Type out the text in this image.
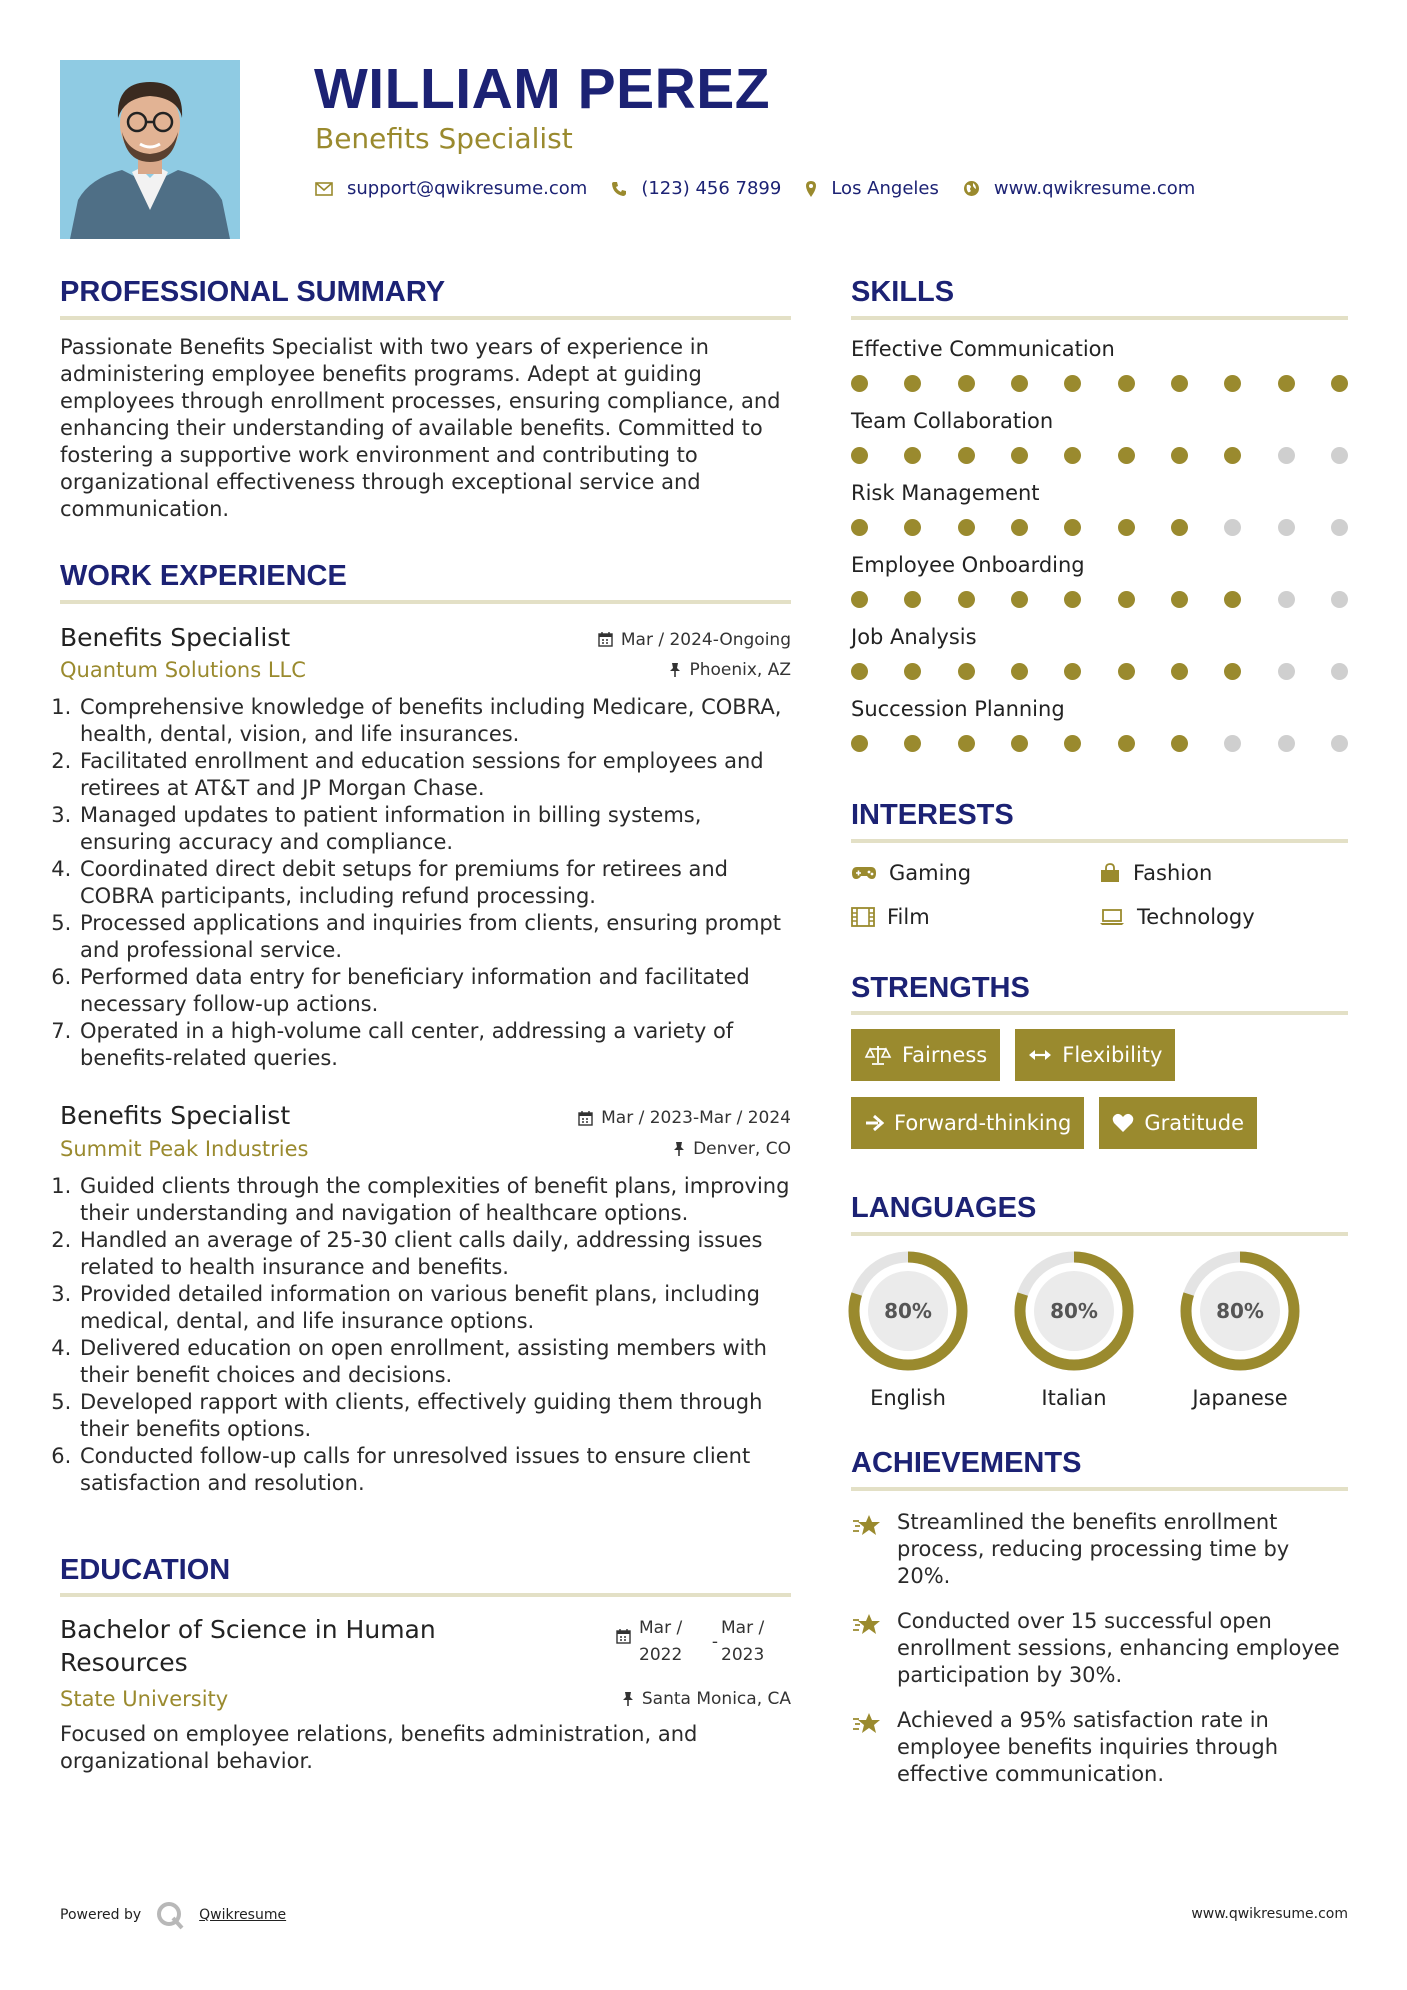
WILLIAM PEREZ
Benefits Specialist
support@qwikresume.com	(123) 456 7899	Los Angeles	www.qwikresume.com
PROFESSIONAL SUMMARY

Passionate Benefits Specialist with two years of experience in administering employee benefits programs. Adept at guiding employees through enrollment processes, ensuring compliance, and enhancing their understanding of available benefits. Committed to fostering a supportive work environment and contributing to organizational effectiveness through exceptional service and communication.

WORK EXPERIENCE
Benefits Specialist	Mar / 2024-Ongoing
Quantum Solutions LLC	Phoenix, AZ
1. Comprehensive knowledge of benefits including Medicare, COBRA, health, dental, vision, and life insurances.
2. Facilitated enrollment and education sessions for employees and retirees at AT&T and JP Morgan Chase.
3. Managed updates to patient information in billing systems, ensuring accuracy and compliance.
4. Coordinated direct debit setups for premiums for retirees and COBRA participants, including refund processing.
5. Processed applications and inquiries from clients, ensuring prompt and professional service.
6. Performed data entry for beneficiary information and facilitated necessary follow-up actions.
7. Operated in a high-volume call center, addressing a variety of benefits-related queries.
Benefits Specialist	Mar / 2023-Mar / 2024
Summit Peak Industries	Denver, CO
1. Guided clients through the complexities of benefit plans, improving their understanding and navigation of healthcare options.
2. Handled an average of 25-30 client calls daily, addressing issues related to health insurance and benefits.
3. Provided detailed information on various benefit plans, including medical, dental, and life insurance options.
4. Delivered education on open enrollment, assisting members with their benefit choices and decisions.
5. Developed rapport with clients, effectively guiding them through their benefits options.
6. Conducted follow-up calls for unresolved issues to ensure client satisfaction and resolution.
EDUCATION
Bachelor of Science in Human Resources
Mar / 2022
-
Mar / 2023
State University	Santa Monica, CA

Focused on employee relations, benefits administration, and organizational behavior.

SKILLS
Effective Communication
Team Collaboration
Risk Management
Employee Onboarding
Job Analysis
Succession Planning
INTERESTS
Gaming	Fashion
Film	Technology
STRENGTHS
Fairness	Flexibility
Forward-thinking	Gratitude
LANGUAGES
80%
English
80%
Italian
80%
Japanese
ACHIEVEMENTS
Streamlined the benefits enrollment process, reducing processing time by 20%.
Conducted over 15 successful open enrollment sessions, enhancing employee participation by 30%.
Achieved a 95% satisfaction rate in employee benefits inquiries through effective communication.
Powered by	Qwikresume	www.qwikresume.com
